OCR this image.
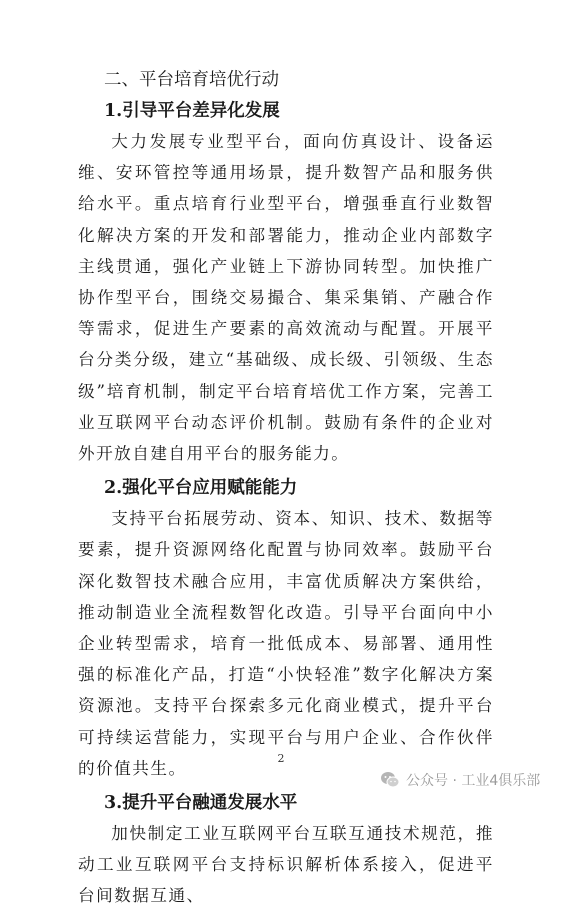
二、平台培育培优行动
1.引导平台差异化发展

大力发展专业型平台，面向仿真设计、设备运维、安环管控等通用场景，提升数智产品和服务供给水平。重点培育行业型平台，增强垂直行业数智化解决方案的开发和部署能力，推动企业内部数字主线贯通，强化产业链上下游协同转型。加快推广协作型平台，围绕交易撮合、集采集销、产融合作等需求，促进生产要素的高效流动与配置。开展平台分类分级，建立“基础级、成长级、引领级、生态级”培育机制，制定平台培育培优工作方案，完善工业互联网平台动态评价机制。鼓励有条件的企业对外开放自建自用平台的服务能力。

2.强化平台应用赋能能力

支持平台拓展劳动、资本、知识、技术、数据等要素，提升资源网络化配置与协同效率。鼓励平台深化数智技术融合应用，丰富优质解决方案供给，推动制造业全流程数智化改造。引导平台面向中小企业转型需求，培育一批低成本、易部署、通用性强的标准化产品，打造“小快轻准”数字化解决方案资源池。支持平台探索多元化商业模式，提升平台可持续运营能力，实现平台与用户企业、合作伙伴的价值共生。

3.提升平台融通发展水平

加快制定工业互联网平台互联互通技术规范，推动工业互联网平台支持标识解析体系接入，促进平台间数据互通、

2
公众号 · 工业4俱乐部
